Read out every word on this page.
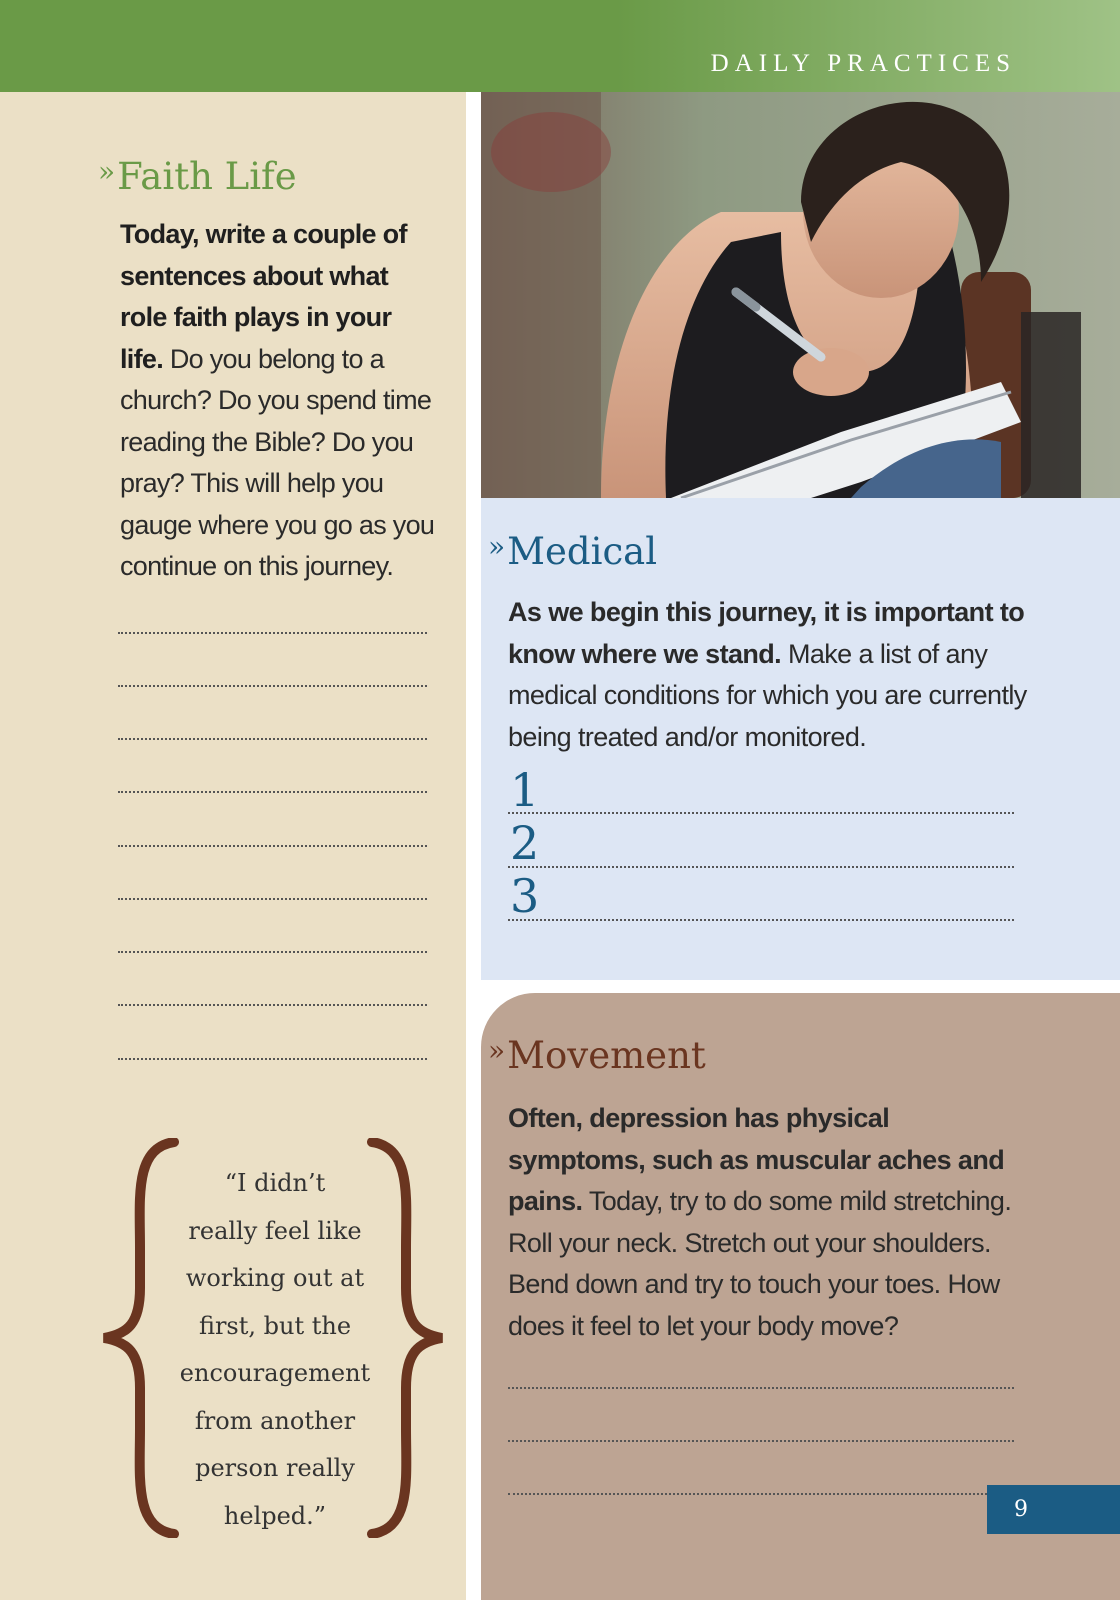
DAILY PRACTICES
»Faith Life
Today, write a couple of sentences about what role faith plays in your life. Do you belong to a church? Do you spend time reading the Bible? Do you pray? This will help you gauge where you go as you continue on this journey.
“I didn’t
really feel like
working out at
first, but the
encouragement
from another
person really
helped.”
»Medical
As we begin this journey, it is important to know where we stand. Make a list of any medical conditions for which you are currently being treated and/or monitored.
1
2
3
»Movement
Often, depression has physical symptoms, such as muscular aches and pains. Today, try to do some mild stretching. Roll your neck. Stretch out your shoulders. Bend down and try to touch your toes. How does it feel to let your body move?
9
